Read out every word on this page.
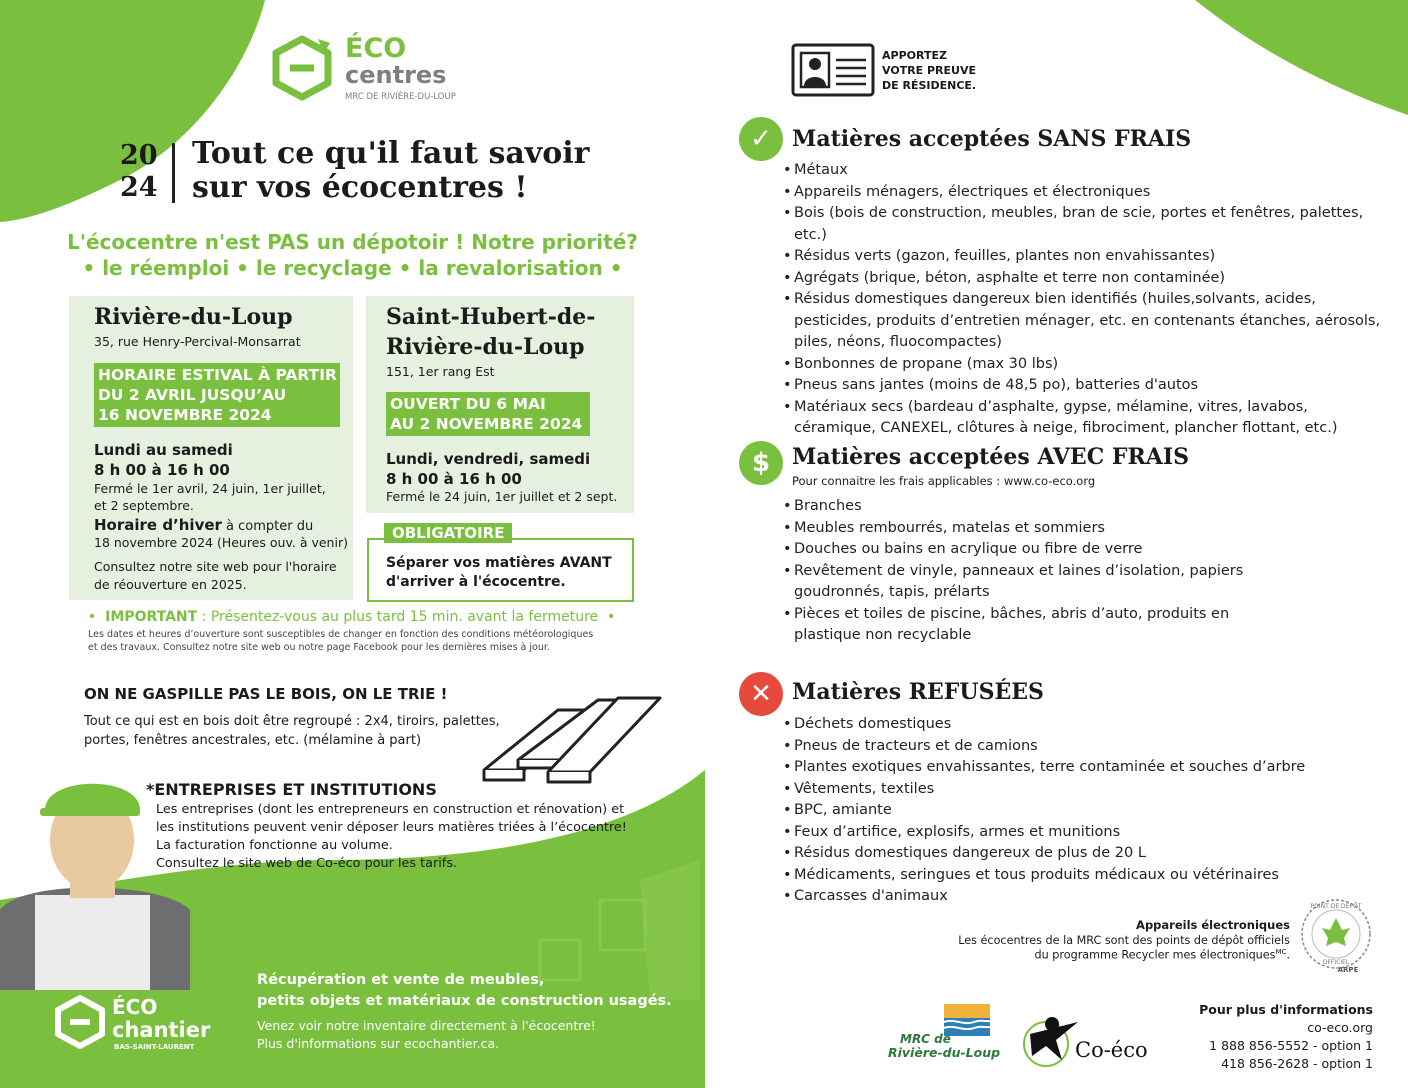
ÉCO
centres
MRC DE RIVIÈRE-DU-LOUP
20
24
Tout ce qu'il faut savoir
sur vos écocentres !
L'écocentre n'est PAS un dépotoir ! Notre priorité?
• le réemploi • le recyclage • la revalorisation •
Rivière-du-Loup
35, rue Henry-Percival-Monsarrat
HORAIRE ESTIVAL À PARTIR
DU 2 AVRIL JUSQU’AU
16 NOVEMBRE 2024
Lundi au samedi
8 h 00 à 16 h 00
Fermé le 1er avril, 24 juin, 1er juillet,
et 2 septembre.
Horaire d’hiver à compter du
18 novembre 2024 (Heures ouv. à venir)
Consultez notre site web pour l'horaire
de réouverture en 2025.
Saint-Hubert-de-
Rivière-du-Loup
151, 1er rang Est
OUVERT DU 6 MAI
AU 2 NOVEMBRE 2024
Lundi, vendredi, samedi
8 h 00 à 16 h 00
Fermé le 24 juin, 1er juillet et 2 sept.
OBLIGATOIRE
Séparer vos matières AVANT
d'arriver à l'écocentre.
•  IMPORTANT : Présentez-vous au plus tard 15 min. avant la fermeture  •
Les dates et heures d’ouverture sont susceptibles de changer en fonction des conditions météorologiques
et des travaux. Consultez notre site web ou notre page Facebook pour les dernières mises à jour.
ON NE GASPILLE PAS LE BOIS, ON LE TRIE !
Tout ce qui est en bois doit être regroupé : 2x4, tiroirs, palettes,
portes, fenêtres ancestrales, etc. (mélamine à part)
*ENTREPRISES ET INSTITUTIONS
Les entreprises (dont les entrepreneurs en construction et rénovation) et
les institutions peuvent venir déposer leurs matières triées à l’écocentre!
La facturation fonctionne au volume.
Consultez le site web de Co-éco pour les tarifs.
ÉCO
chantier
BAS-SAINT-LAURENT
Récupération et vente de meubles,
petits objets et matériaux de construction usagés.
Venez voir notre inventaire directement à l'écocentre!
Plus d'informations sur ecochantier.ca.
APPORTEZ
VOTRE PREUVE
DE RÉSIDENCE.
✓ Matières acceptées SANS FRAIS
• Métaux
• Appareils ménagers, électriques et électroniques
• Bois (bois de construction, meubles, bran de scie, portes et fenêtres, palettes, etc.)
• Résidus verts (gazon, feuilles, plantes non envahissantes)
• Agrégats (brique, béton, asphalte et terre non contaminée)
• Résidus domestiques dangereux bien identifiés (huiles,solvants, acides, pesticides, produits d’entretien ménager, etc. en contenants étanches, aérosols, piles, néons, fluocompactes)
• Bonbonnes de propane (max 30 lbs)
• Pneus sans jantes (moins de 48,5 po), batteries d'autos
• Matériaux secs (bardeau d’asphalte, gypse, mélamine, vitres, lavabos, céramique, CANEXEL, clôtures à neige, fibrociment, plancher flottant, etc.)
$ Matières acceptées AVEC FRAIS
Pour connaitre les frais applicables : www.co-eco.org
• Branches
• Meubles rembourrés, matelas et sommiers
• Douches ou bains en acrylique ou fibre de verre
• Revêtement de vinyle, panneaux et laines d’isolation, papiers goudronnés, tapis, prélarts
• Pièces et toiles de piscine, bâches, abris d’auto, produits en plastique non recyclable
✕ Matières REFUSÉES
• Déchets domestiques
• Pneus de tracteurs et de camions
• Plantes exotiques envahissantes, terre contaminée et souches d’arbre
• Vêtements, textiles
• BPC, amiante
• Feux d’artifice, explosifs, armes et munitions
• Résidus domestiques dangereux de plus de 20 L
• Médicaments, seringues et tous produits médicaux ou vétérinaires
• Carcasses d'animaux
Appareils électroniques
Les écocentres de la MRC sont des points de dépôt officiels
du programme Recycler mes électroniques$^{MC}$.
POINT DE DÉPÔT
OFFICIEL
ARPE
MRC de
Rivière-du-Loup	Co-éco
Pour plus d'informations
co-eco.org
1 888 856-5552 - option 1
418 856-2628 - option 1
